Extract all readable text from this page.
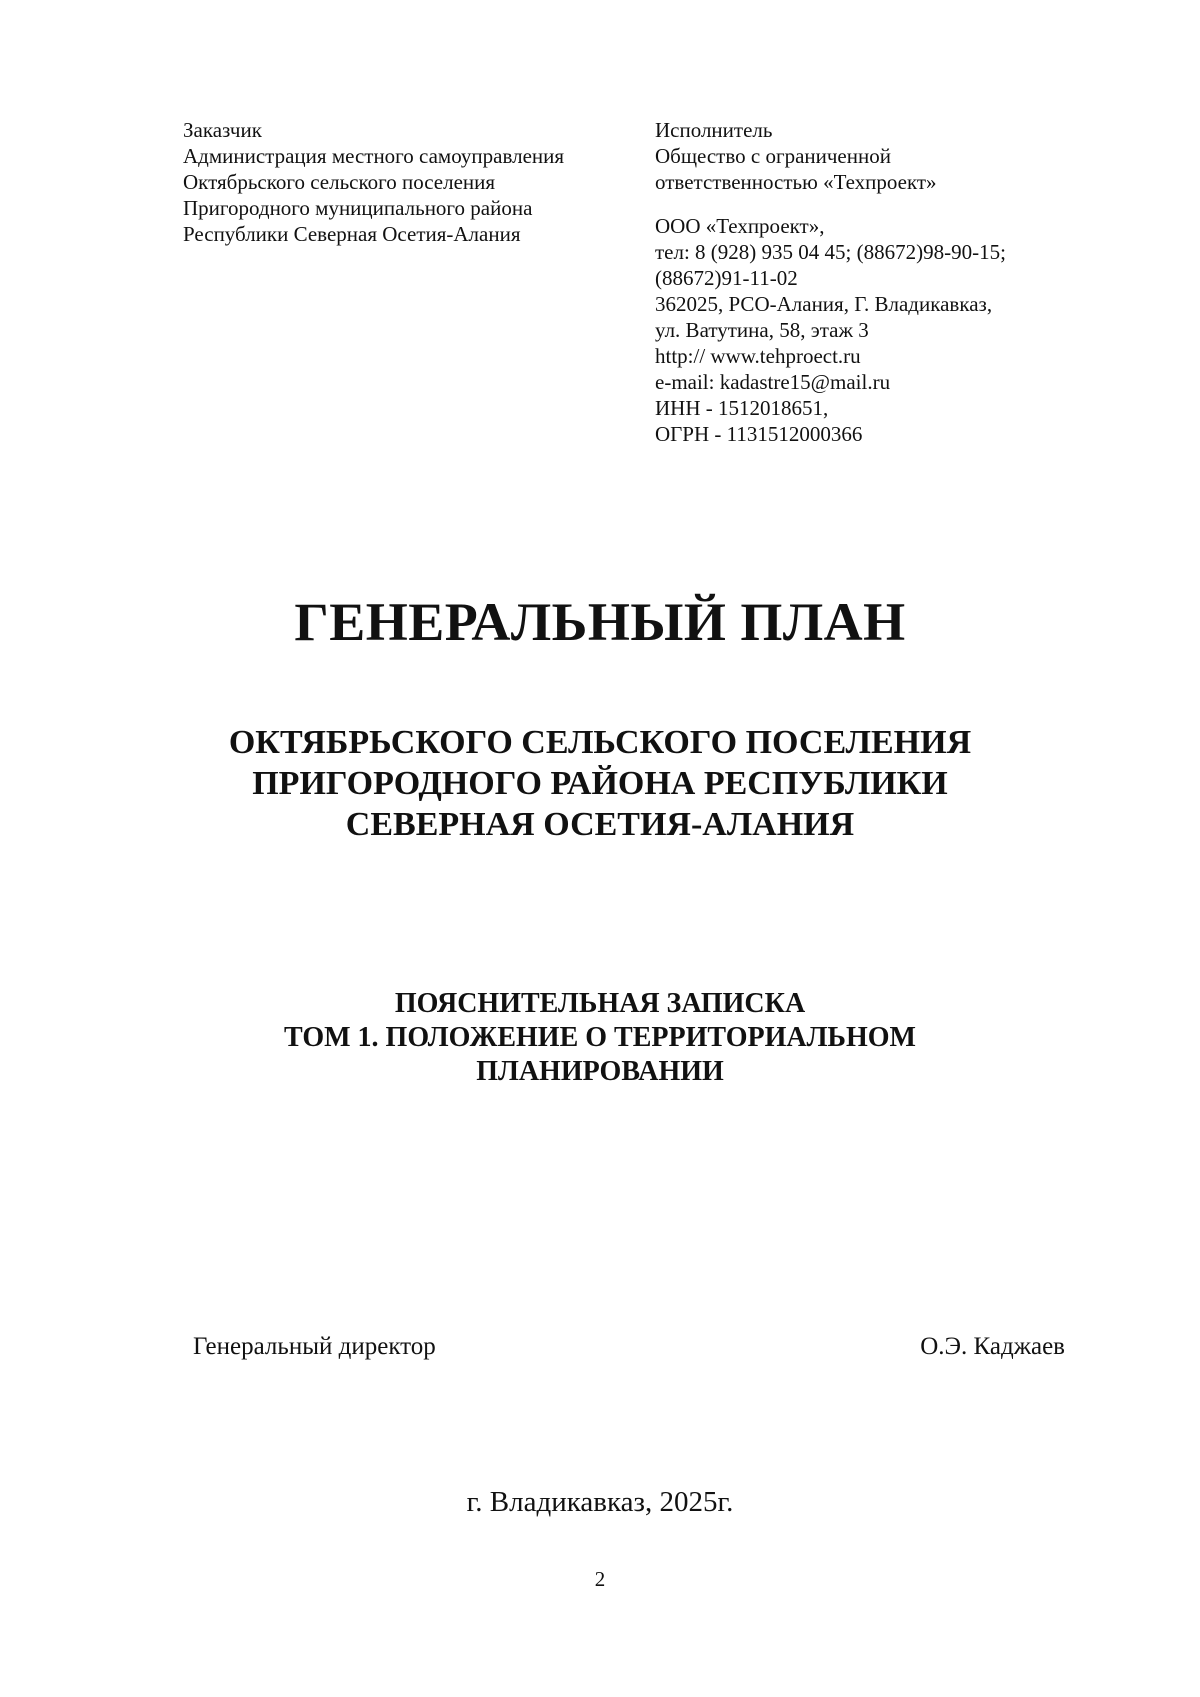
Заказчик
Администрация местного самоуправления
Октябрьского сельского поселения
Пригородного муниципального района
Республики Северная Осетия-Алания
Исполнитель
Общество с ограниченной
ответственностью «Техпроект»
ООО «Техпроект»,
тел: 8 (928) 935 04 45; (88672)98-90-15;
(88672)91-11-02
362025, РСО-Алания, Г. Владикавказ,
ул. Ватутина, 58, этаж 3
http:// www.tehproect.ru
e-mail: kadastre15@mail.ru
ИНН - 1512018651,
ОГРН - 1131512000366
ГЕНЕРАЛЬНЫЙ ПЛАН
ОКТЯБРЬСКОГО СЕЛЬСКОГО ПОСЕЛЕНИЯ
ПРИГОРОДНОГО РАЙОНА РЕСПУБЛИКИ
СЕВЕРНАЯ ОСЕТИЯ-АЛАНИЯ
ПОЯСНИТЕЛЬНАЯ ЗАПИСКА
ТОМ 1. ПОЛОЖЕНИЕ О ТЕРРИТОРИАЛЬНОМ
ПЛАНИРОВАНИИ
Генеральный директор	О.Э. Каджаев
г. Владикавказ, 2025г.
2
